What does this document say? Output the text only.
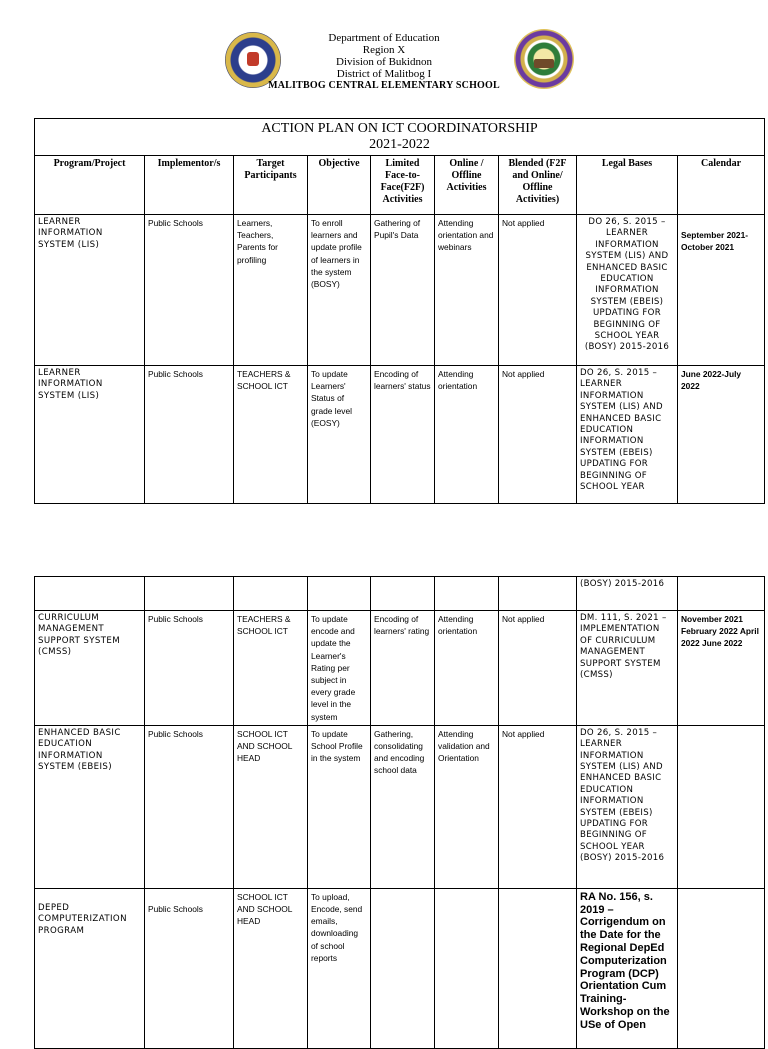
Department of Education
Region X
Division of Bukidnon
District of Malitbog I
MALITBOG CENTRAL ELEMENTARY SCHOOL
ACTION PLAN ON ICT COORDINATORSHIP
2021-2022								

Program/Project	Implementor/s	Target Participants	Objective	Limited Face-to-Face(F2F) Activities	Online / Offline Activities	Blended (F2F and Online/ Offline Activities)	Legal Bases	Calendar
LEARNER INFORMATION SYSTEM (LIS)	Public Schools	Learners, Teachers, Parents for profiling	To enroll learners and update profile of learners in the system (BOSY)	Gathering of Pupil's Data	Attending orientation and webinars	Not applied	DO 26, S. 2015 – LEARNER INFORMATION SYSTEM (LIS) AND ENHANCED BASIC EDUCATION INFORMATION SYSTEM (EBEIS) UPDATING FOR BEGINNING OF SCHOOL YEAR (BOSY) 2015-2016	September 2021-October 2021
LEARNER INFORMATION SYSTEM (LIS)	Public Schools	TEACHERS & SCHOOL ICT	To update Learners' Status of grade level (EOSY)	Encoding of learners' status	Attending orientation	Not applied	DO 26, S. 2015 – LEARNER INFORMATION SYSTEM (LIS) AND ENHANCED BASIC EDUCATION INFORMATION SYSTEM (EBEIS) UPDATING FOR BEGINNING OF SCHOOL YEAR	June 2022-July 2022
							(BOSY) 2015-2016	
CURRICULUM MANAGEMENT SUPPORT SYSTEM (CMSS)	Public Schools	TEACHERS & SCHOOL ICT	To update encode and update the Learner's Rating per subject in every grade level in the system	Encoding of learners' rating	Attending orientation	Not applied	DM. 111, S. 2021 – IMPLEMENTATION OF CURRICULUM MANAGEMENT SUPPORT SYSTEM (CMSS)	November 2021 February 2022 April 2022 June 2022
ENHANCED BASIC EDUCATION INFORMATION SYSTEM (EBEIS)	Public Schools	SCHOOL ICT AND SCHOOL HEAD	To update School Profile in the system	Gathering, consolidating and encoding school data	Attending validation and Orientation	Not applied	DO 26, S. 2015 – LEARNER INFORMATION SYSTEM (LIS) AND ENHANCED BASIC EDUCATION INFORMATION SYSTEM (EBEIS) UPDATING FOR BEGINNING OF SCHOOL YEAR (BOSY) 2015-2016	
DEPED COMPUTERIZATION PROGRAM	Public Schools	SCHOOL ICT AND SCHOOL HEAD	To upload, Encode, send emails, downloading of school reports				RA No. 156, s. 2019 – Corrigendum on the Date for the Regional DepEd Computerization Program (DCP) Orientation Cum Training-Workshop on the USe of Open	
